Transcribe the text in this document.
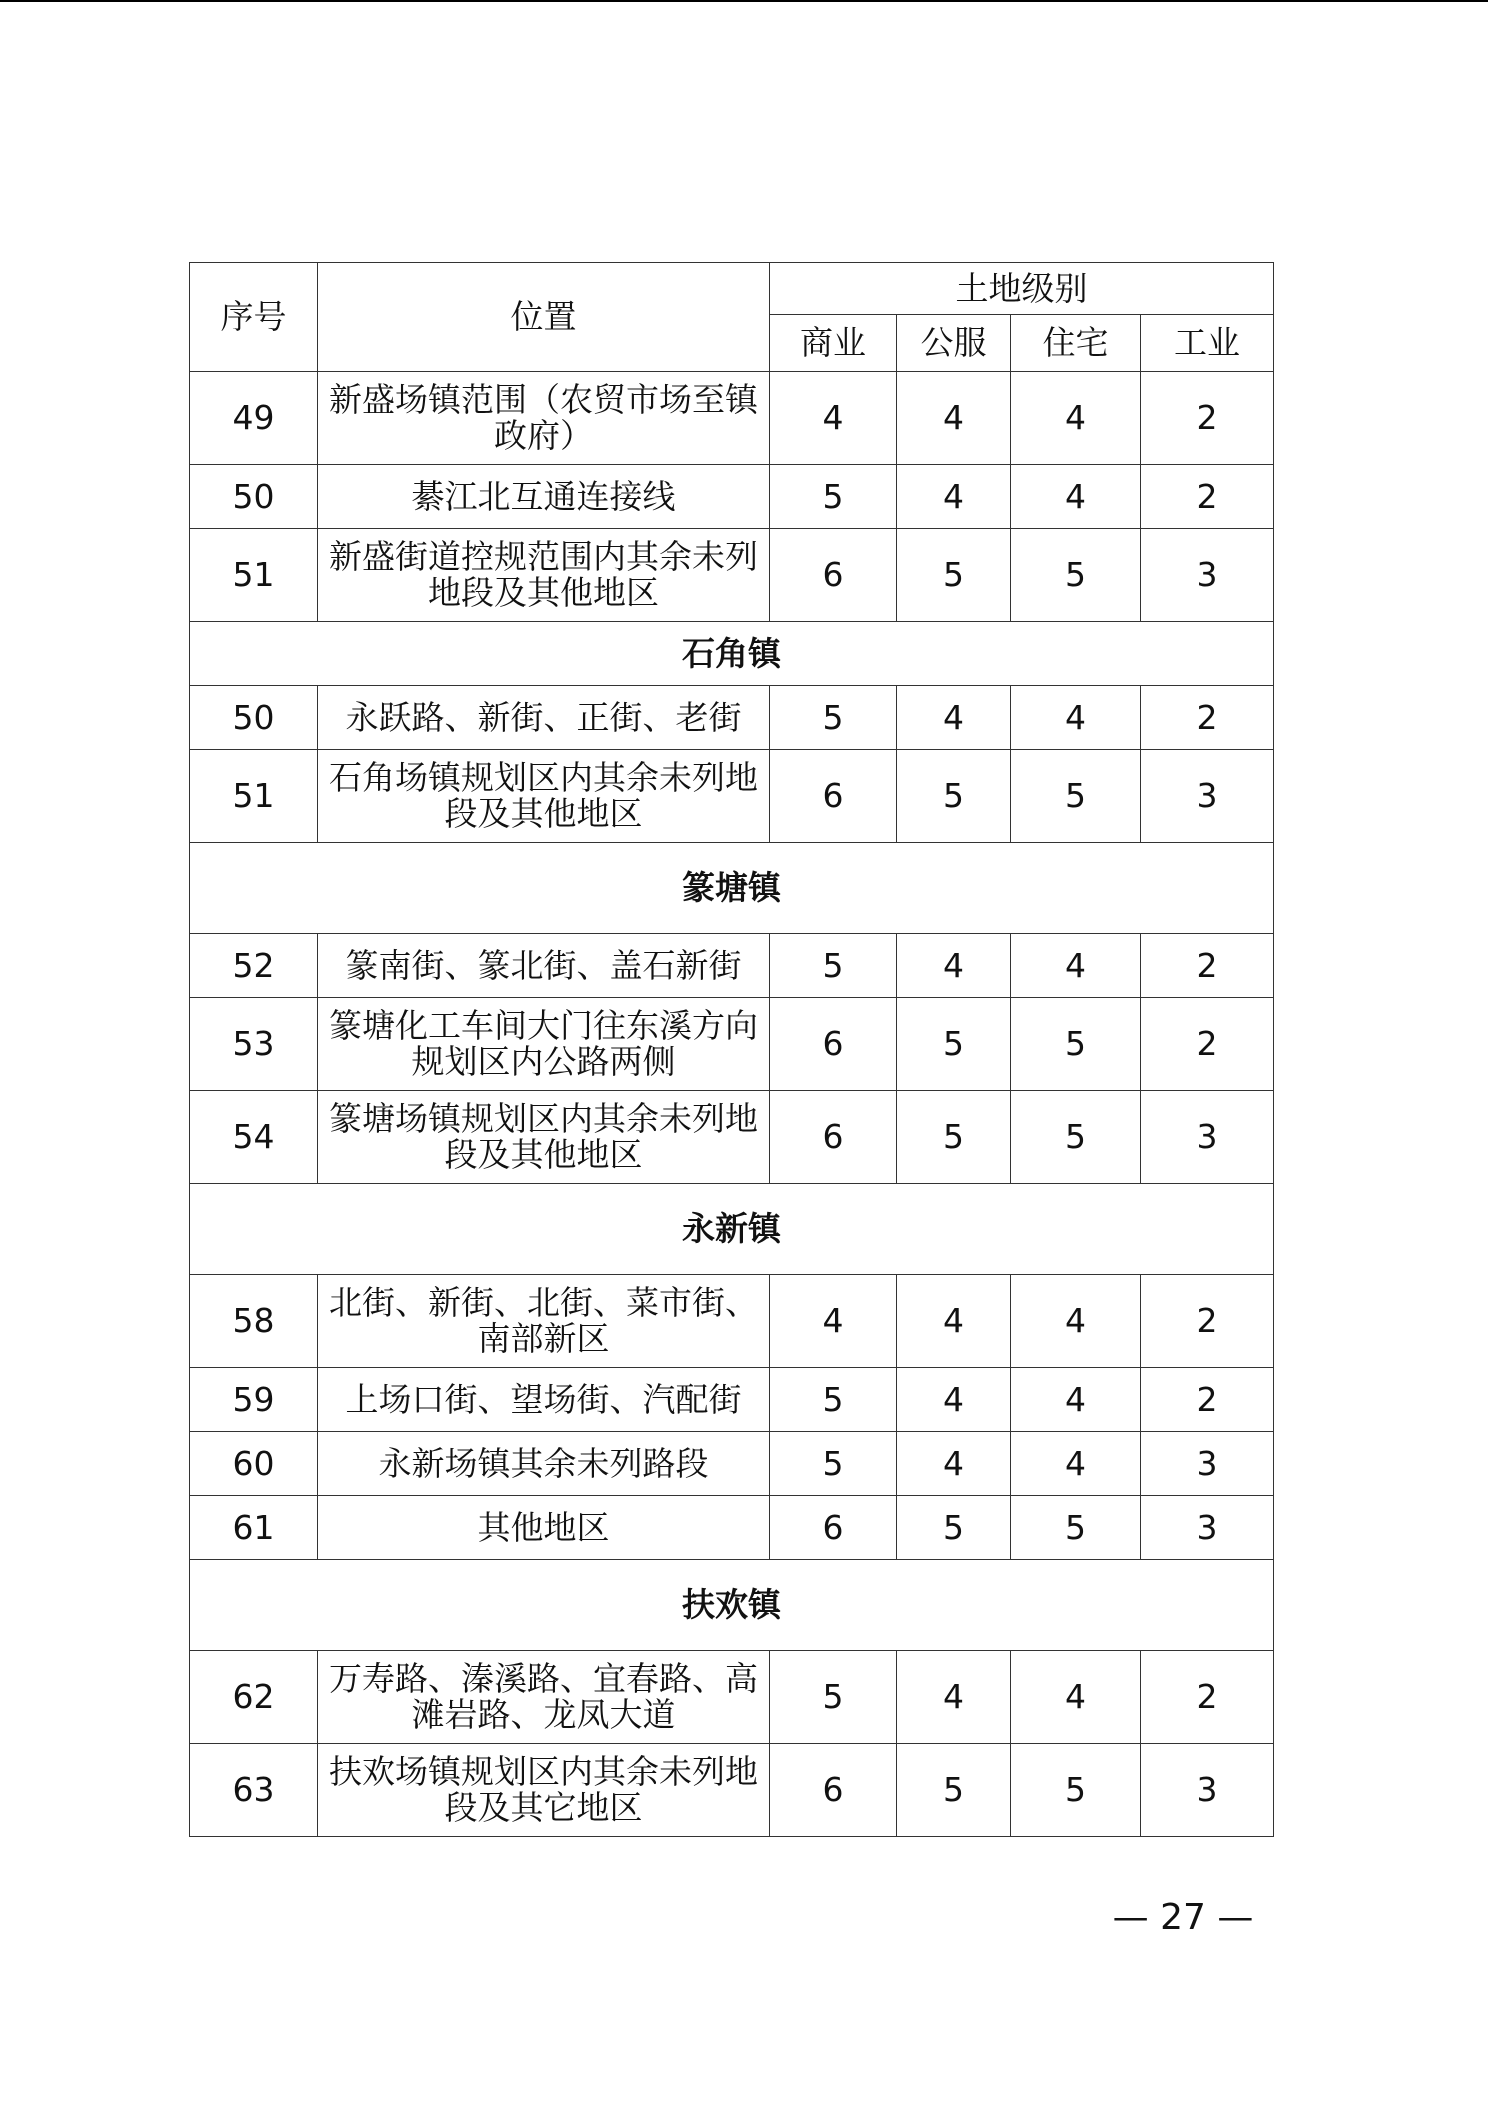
序号	位置	土地级别			
		商业	公服	住宅	工业
49	新盛场镇范围（农贸市场至镇政府）	4	4	4	2
50	綦江北互通连接线	5	4	4	2
51	新盛街道控规范围内其余未列地段及其他地区	6	5	5	3
石角镇					
50	永跃路、新街、正街、老街	5	4	4	2
51	石角场镇规划区内其余未列地段及其他地区	6	5	5	3
篆塘镇					
52	篆南街、篆北街、盖石新街	5	4	4	2
53	篆塘化工车间大门往东溪方向规划区内公路两侧	6	5	5	2
54	篆塘场镇规划区内其余未列地段及其他地区	6	5	5	3
永新镇					
58	北街、新街、北街、菜市街、南部新区	4	4	4	2
59	上场口街、望场街、汽配街	5	4	4	2
60	永新场镇其余未列路段	5	4	4	3
61	其他地区	6	5	5	3
扶欢镇					
62	万寿路、溱溪路、宜春路、高滩岩路、龙凤大道	5	4	4	2
63	扶欢场镇规划区内其余未列地段及其它地区	6	5	5	3
— 27 —
